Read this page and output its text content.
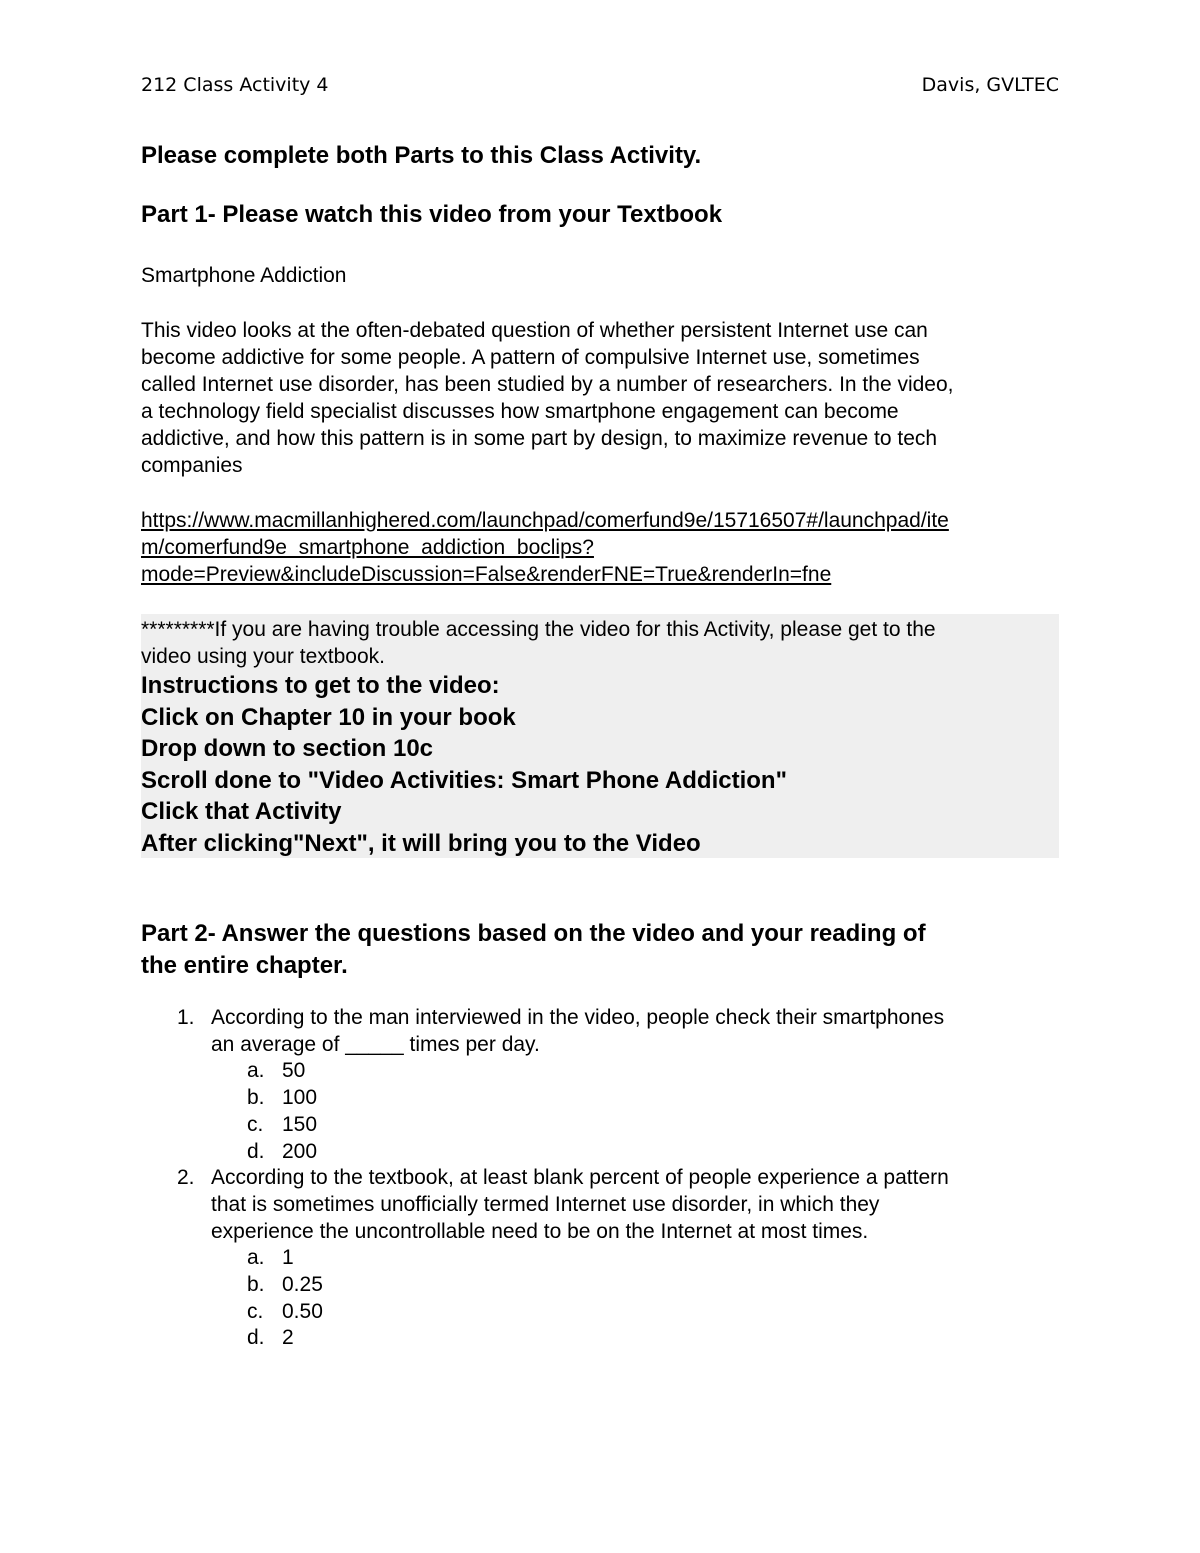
212 Class Activity 4	Davis, GVLTEC
Please complete both Parts to this Class Activity.
Part 1- Please watch this video from your Textbook
Smartphone Addiction
This video looks at the often-debated question of whether persistent Internet use can
become addictive for some people. A pattern of compulsive Internet use, sometimes
called Internet use disorder, has been studied by a number of researchers. In the video,
a technology field specialist discusses how smartphone engagement can become
addictive, and how this pattern is in some part by design, to maximize revenue to tech
companies
https://www.macmillanhighered.com/launchpad/comerfund9e/15716507#/launchpad/ite
m/comerfund9e_smartphone_addiction_boclips?
mode=Preview&includeDiscussion=False&renderFNE=True&renderIn=fne
*********If you are having trouble accessing the video for this Activity, please get to the
video using your textbook.
Instructions to get to the video:
Click on Chapter 10 in your book
Drop down to section 10c
Scroll done to "Video Activities: Smart Phone Addiction"
Click that Activity
After clicking"Next", it will bring you to the Video
Part 2- Answer the questions based on the video and your reading of
the entire chapter.
1. According to the man interviewed in the video, people check their smartphones
an average of _____ times per day.
a. 50
b. 100
c. 150
d. 200
2. According to the textbook, at least blank percent of people experience a pattern
that is sometimes unofficially termed Internet use disorder, in which they
experience the uncontrollable need to be on the Internet at most times.
a. 1
b. 0.25
c. 0.50
d. 2
